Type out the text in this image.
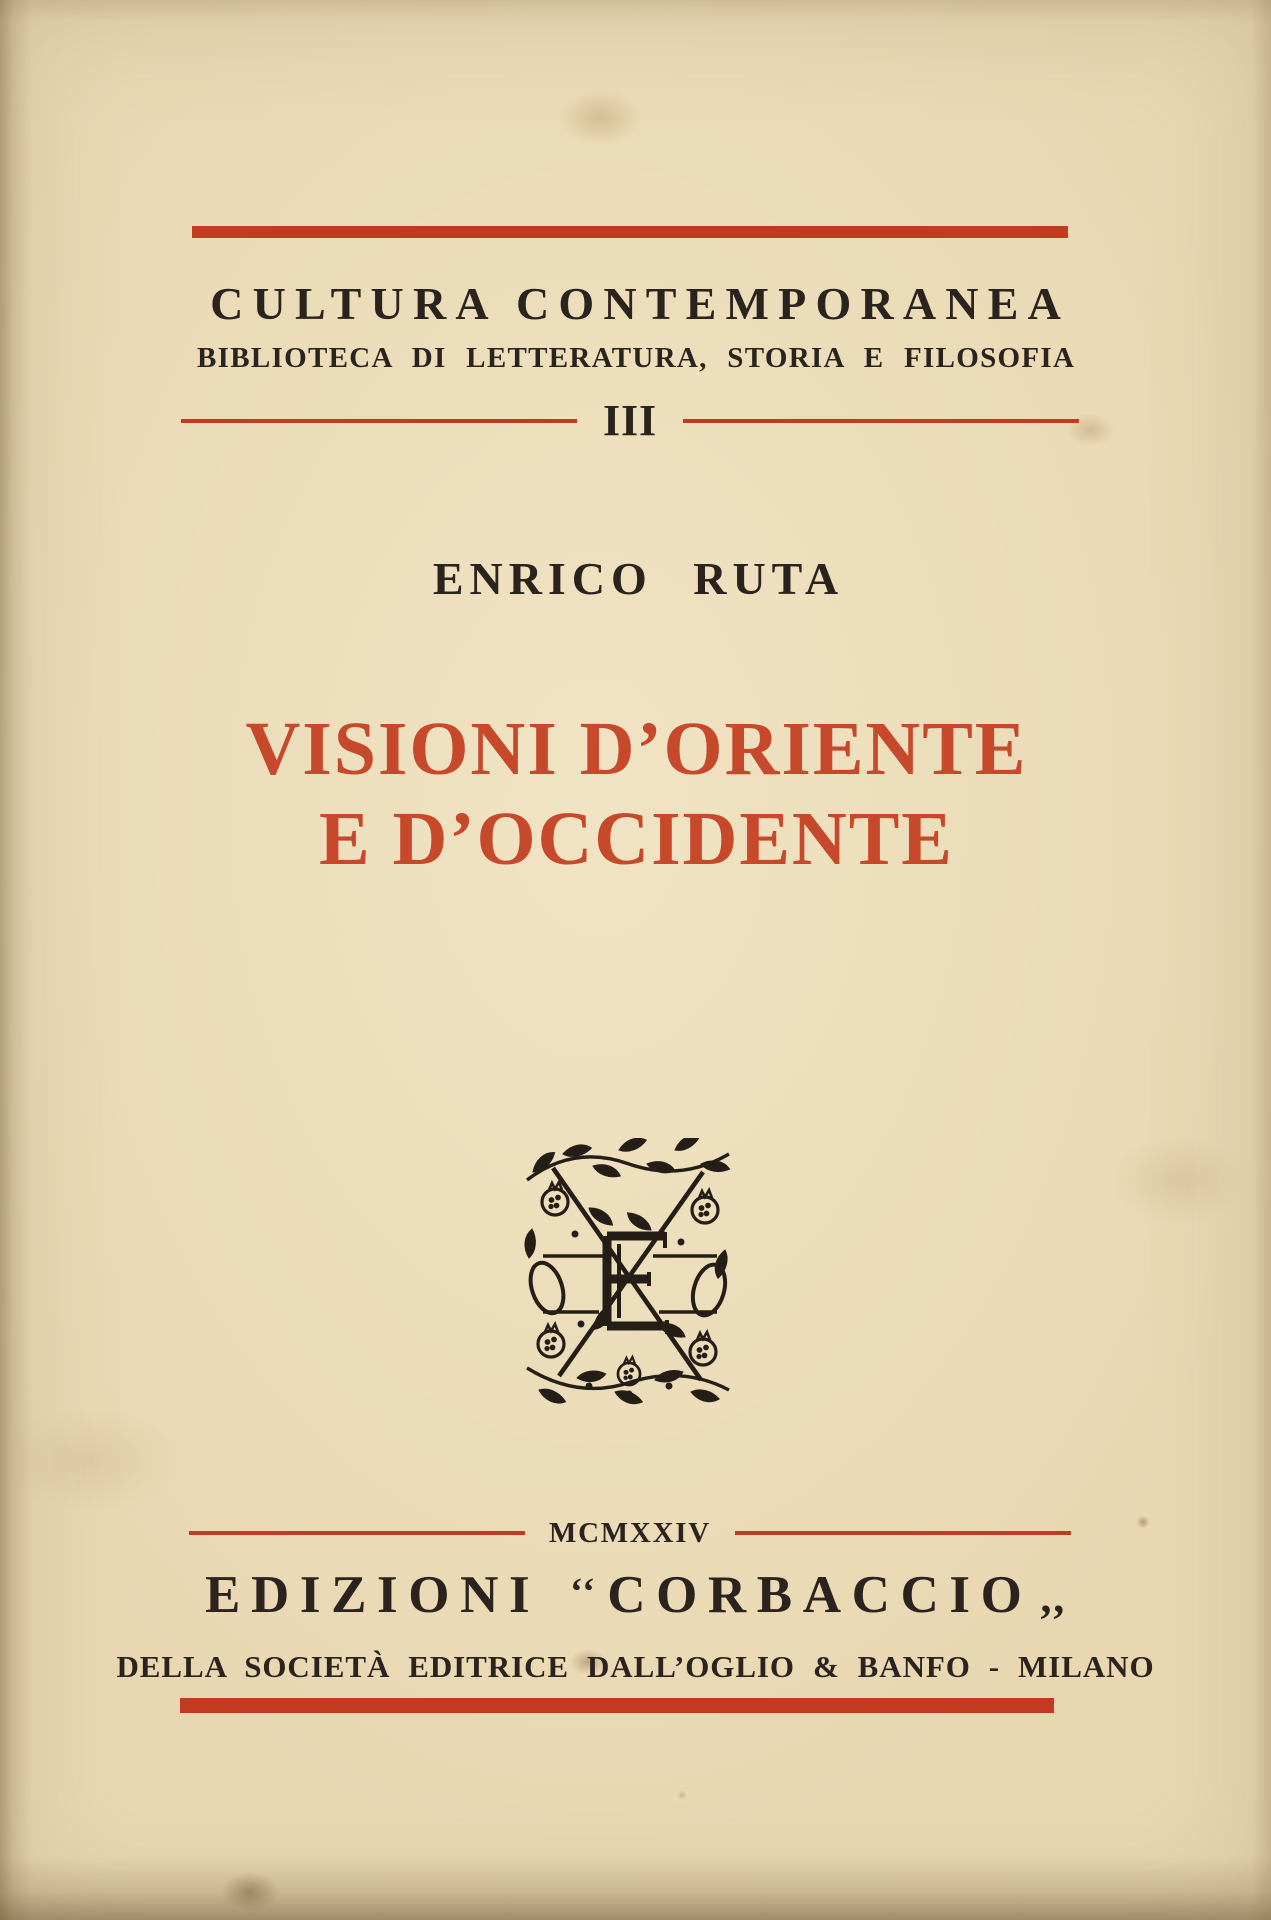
CULTURA CONTEMPORANEA
BIBLIOTECA DI LETTERATURA, STORIA E FILOSOFIA
III
ENRICO RUTA
VISIONI D’ORIENTE
E D’OCCIDENTE
MCMXXIV
EDIZIONI ‘‘ CORBACCIO ,,
DELLA SOCIETÀ EDITRICE DALL’OGLIO & BANFO - MILANO
